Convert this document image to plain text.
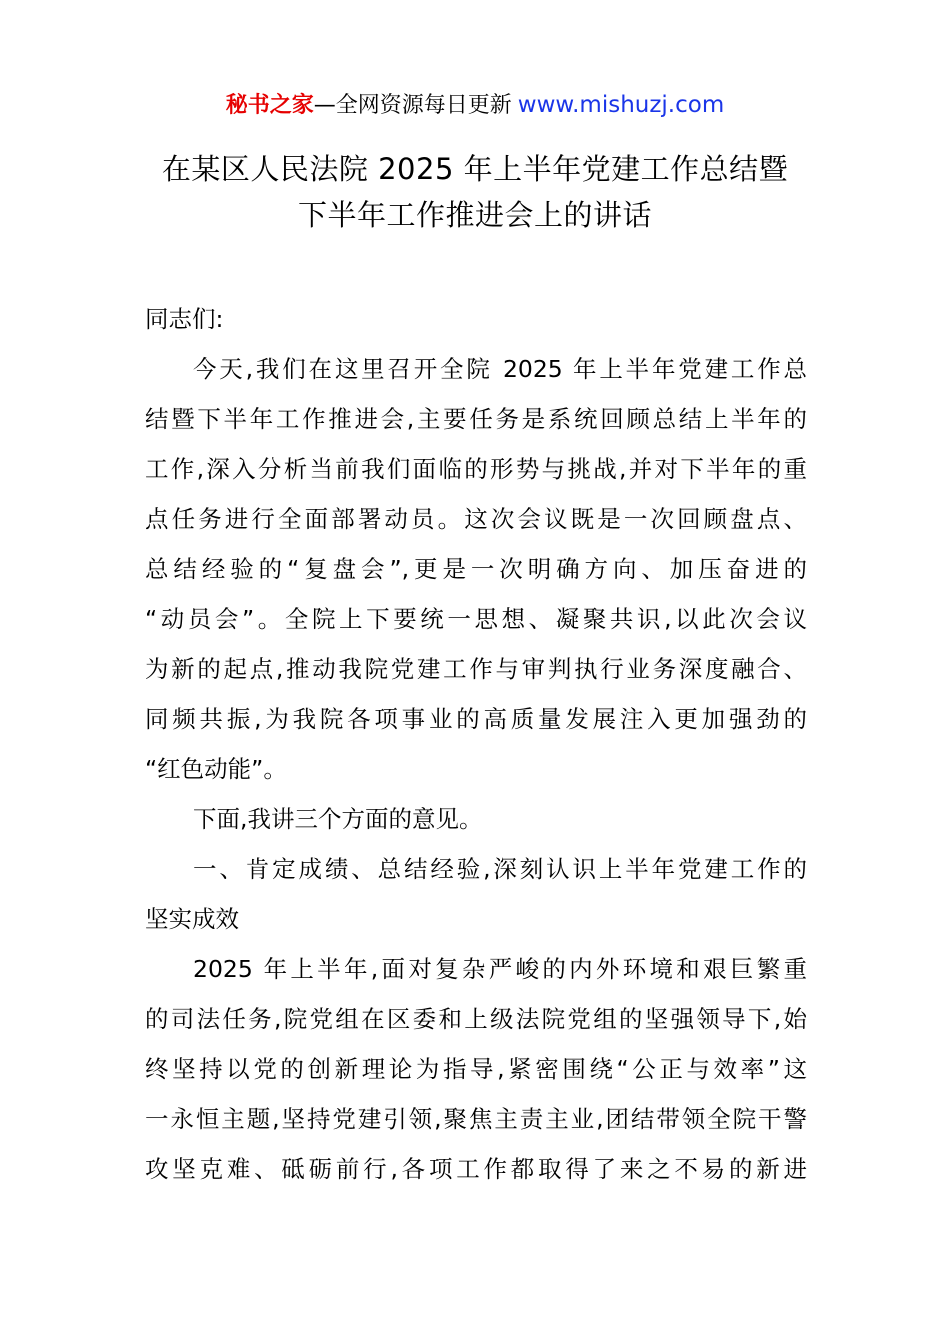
秘书之家—全网资源每日更新 www.mishuzj.com
在某区人民法院 2025 年上半年党建工作总结暨
下半年工作推进会上的讲话
同志们:
今天,我们在这里召开全院 2025 年上半年党建工作总
结暨下半年工作推进会,主要任务是系统回顾总结上半年的
工作,深入分析当前我们面临的形势与挑战,并对下半年的重
点任务进行全面部署动员。这次会议既是一次回顾盘点、
总结经验的“复盘会”,更是一次明确方向、加压奋进的
“动员会”。全院上下要统一思想、凝聚共识,以此次会议
为新的起点,推动我院党建工作与审判执行业务深度融合、
同频共振,为我院各项事业的高质量发展注入更加强劲的
“红色动能”。
下面,我讲三个方面的意见。
一、肯定成绩、总结经验,深刻认识上半年党建工作的
坚实成效
2025 年上半年,面对复杂严峻的内外环境和艰巨繁重
的司法任务,院党组在区委和上级法院党组的坚强领导下,始
终坚持以党的创新理论为指导,紧密围绕“公正与效率”这
一永恒主题,坚持党建引领,聚焦主责主业,团结带领全院干警
攻坚克难、砥砺前行,各项工作都取得了来之不易的新进
